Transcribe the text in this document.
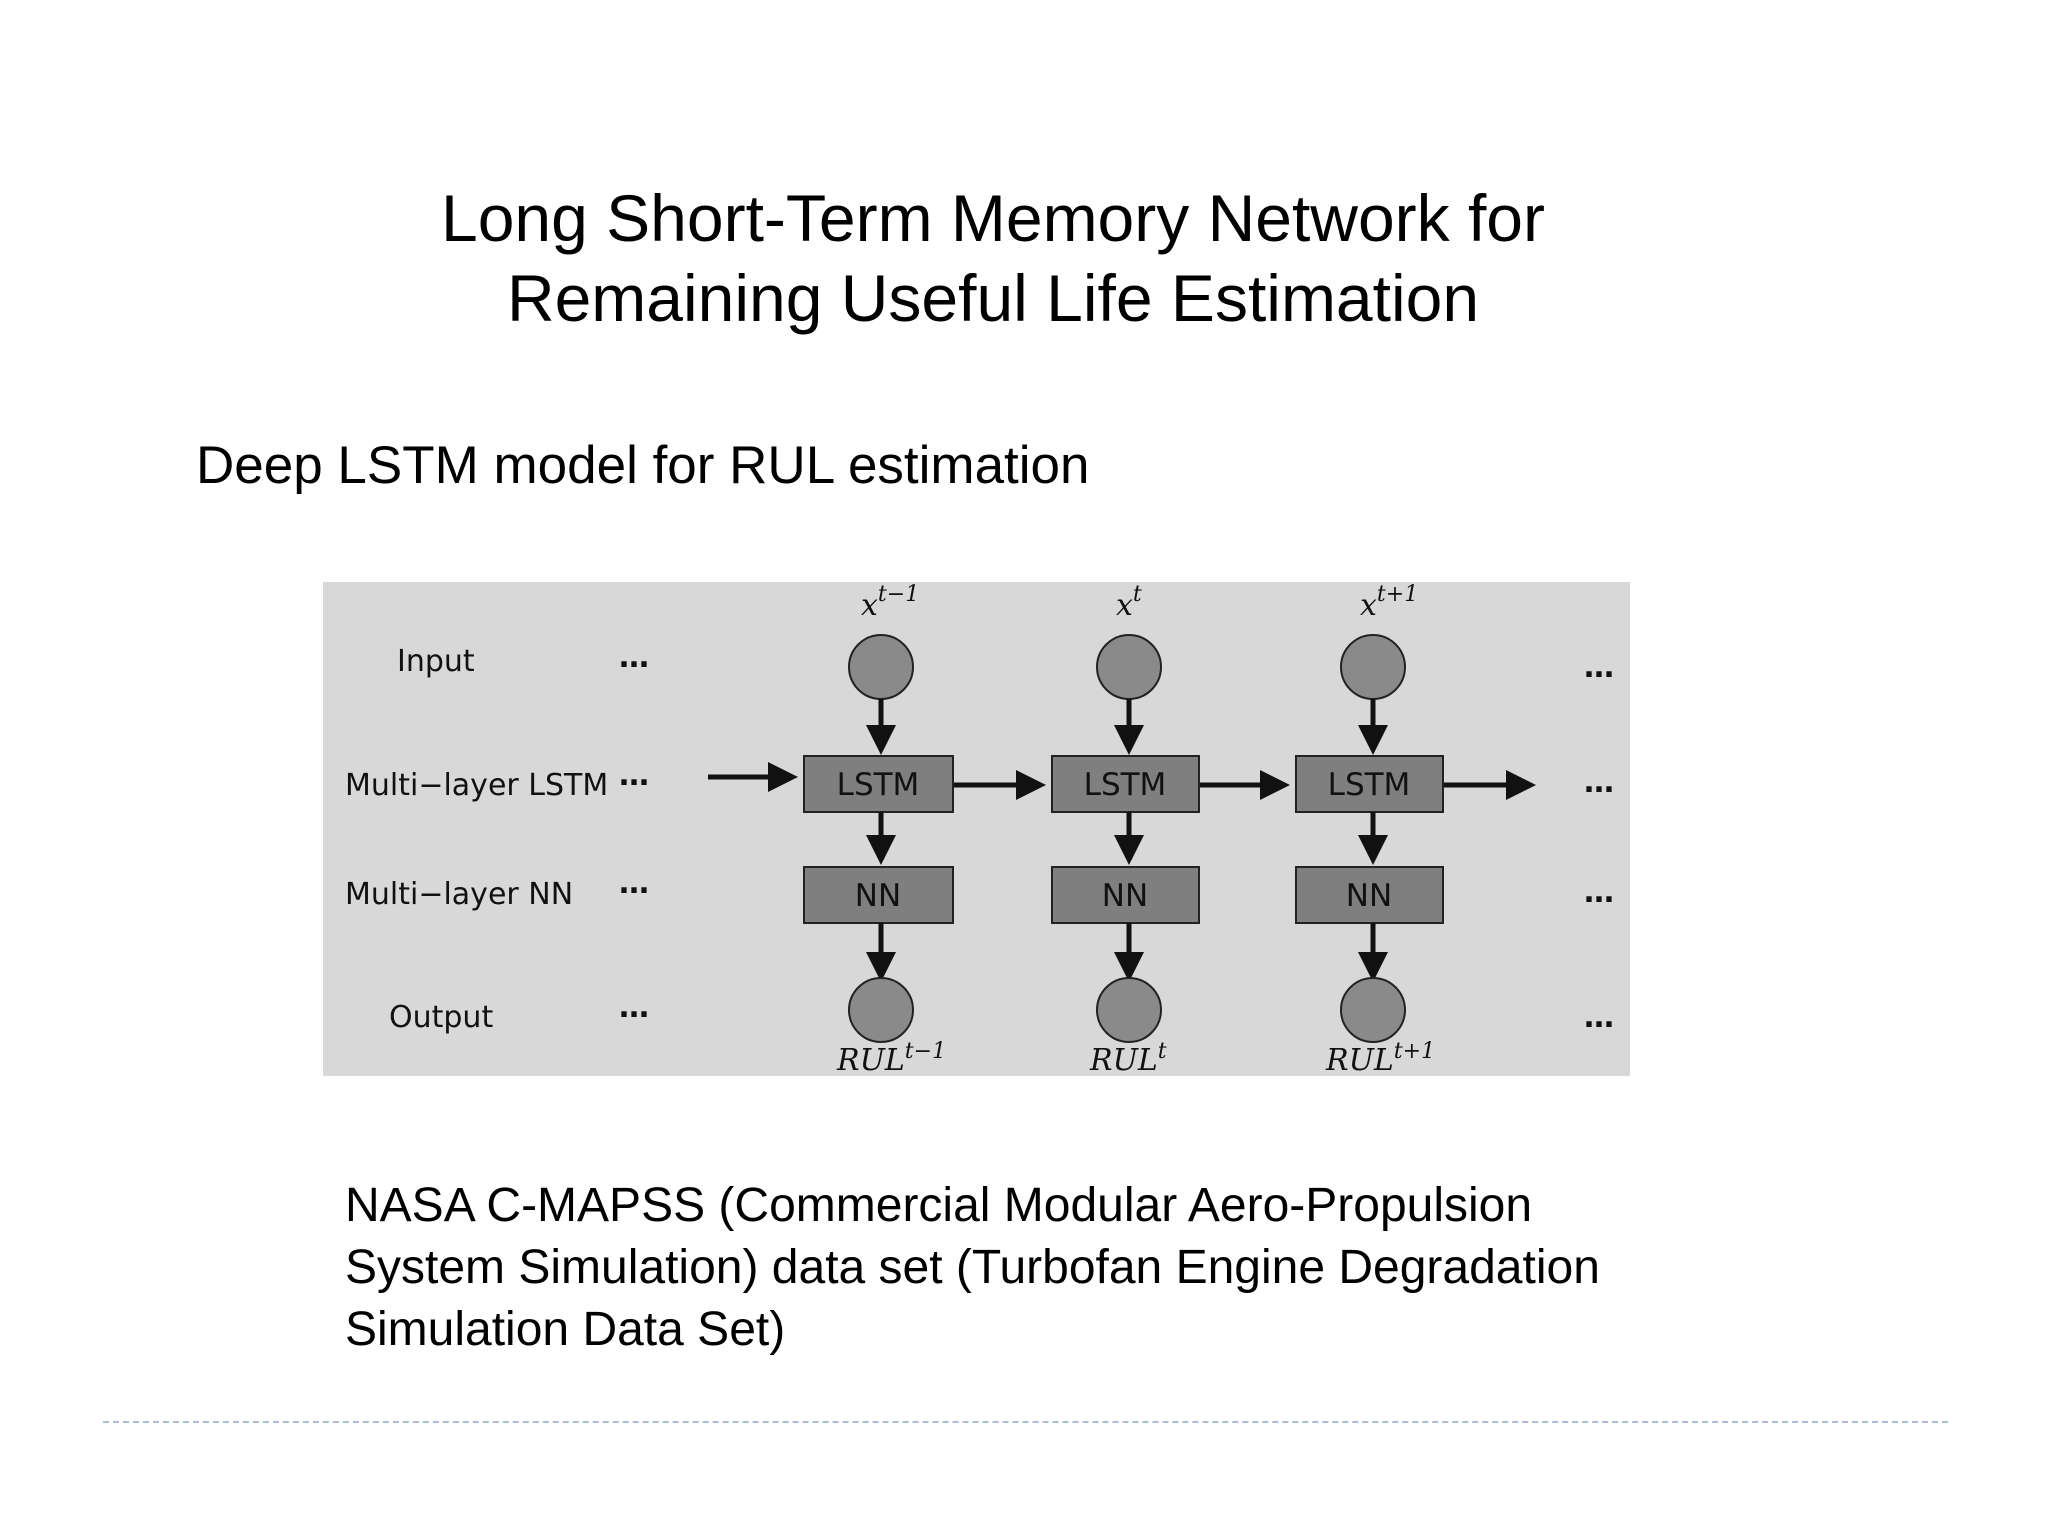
Long Short-Term Memory Network for
Remaining Useful Life Estimation
Deep LSTM model for RUL estimation
Input
Multi−layer LSTM
Multi−layer NN
Output
…
…
…
…
…
…
…
…
$x^{t-1}$
LSTM
NN
$RUL^{t-1}$
$x^t$
LSTM
NN
RUL$^t$
$x^{t+1}$
LSTM
NN
$RUL^{t+1}$
NASA C-MAPSS (Commercial Modular Aero-Propulsion
System Simulation) data set (Turbofan Engine Degradation
Simulation Data Set)
